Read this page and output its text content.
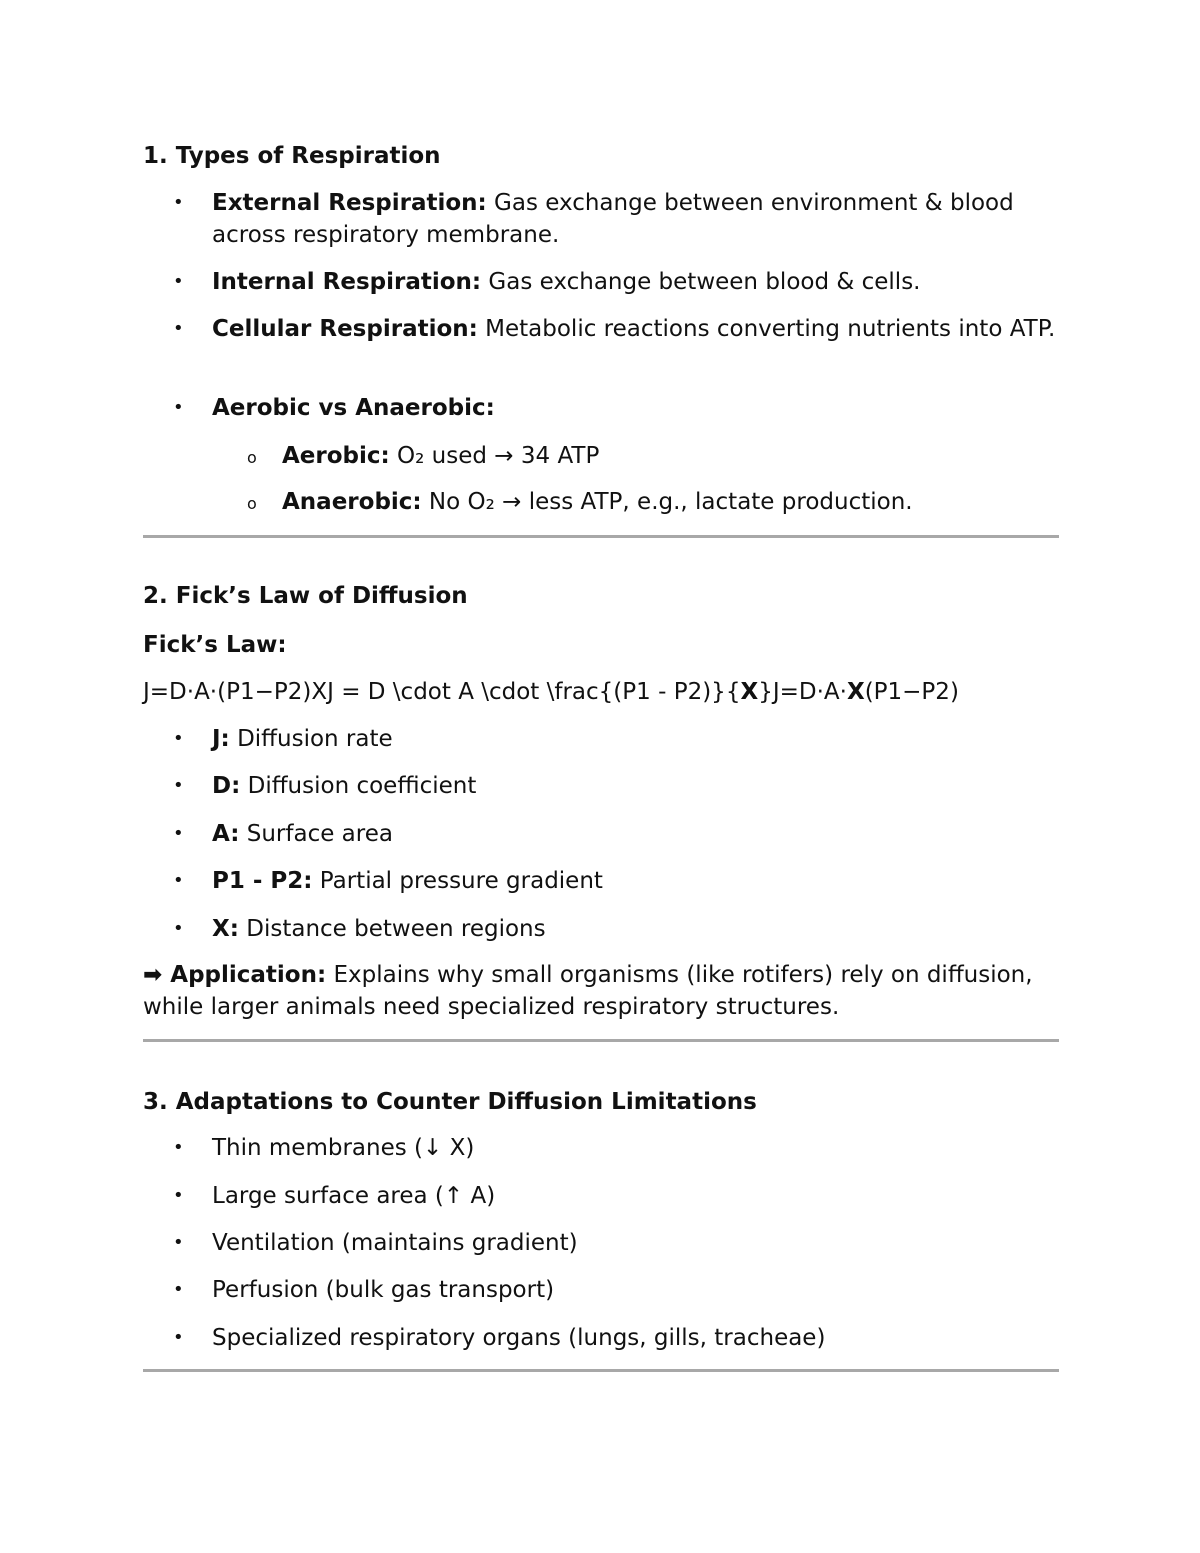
1. Types of Respiration
• External Respiration: Gas exchange between environment & blood across respiratory membrane.
• Internal Respiration: Gas exchange between blood & cells.
• Cellular Respiration: Metabolic reactions converting nutrients into ATP.
• Aerobic vs Anaerobic:
o Aerobic: O₂ used → 34 ATP
o Anaerobic: No O₂ → less ATP, e.g., lactate production.
2. Fick’s Law of Diffusion
Fick’s Law:
J=D·A·(P1−P2)XJ = D \cdot A \cdot \frac{(P1 - P2)}{X}J=D·A·X(P1−P2)
• J: Diffusion rate
• D: Diffusion coefficient
• A: Surface area
• P1 - P2: Partial pressure gradient
• X: Distance between regions
➡ Application: Explains why small organisms (like rotifers) rely on diffusion, while larger animals need specialized respiratory structures.
3. Adaptations to Counter Diffusion Limitations
• Thin membranes (↓ X)
• Large surface area (↑ A)
• Ventilation (maintains gradient)
• Perfusion (bulk gas transport)
• Specialized respiratory organs (lungs, gills, tracheae)
